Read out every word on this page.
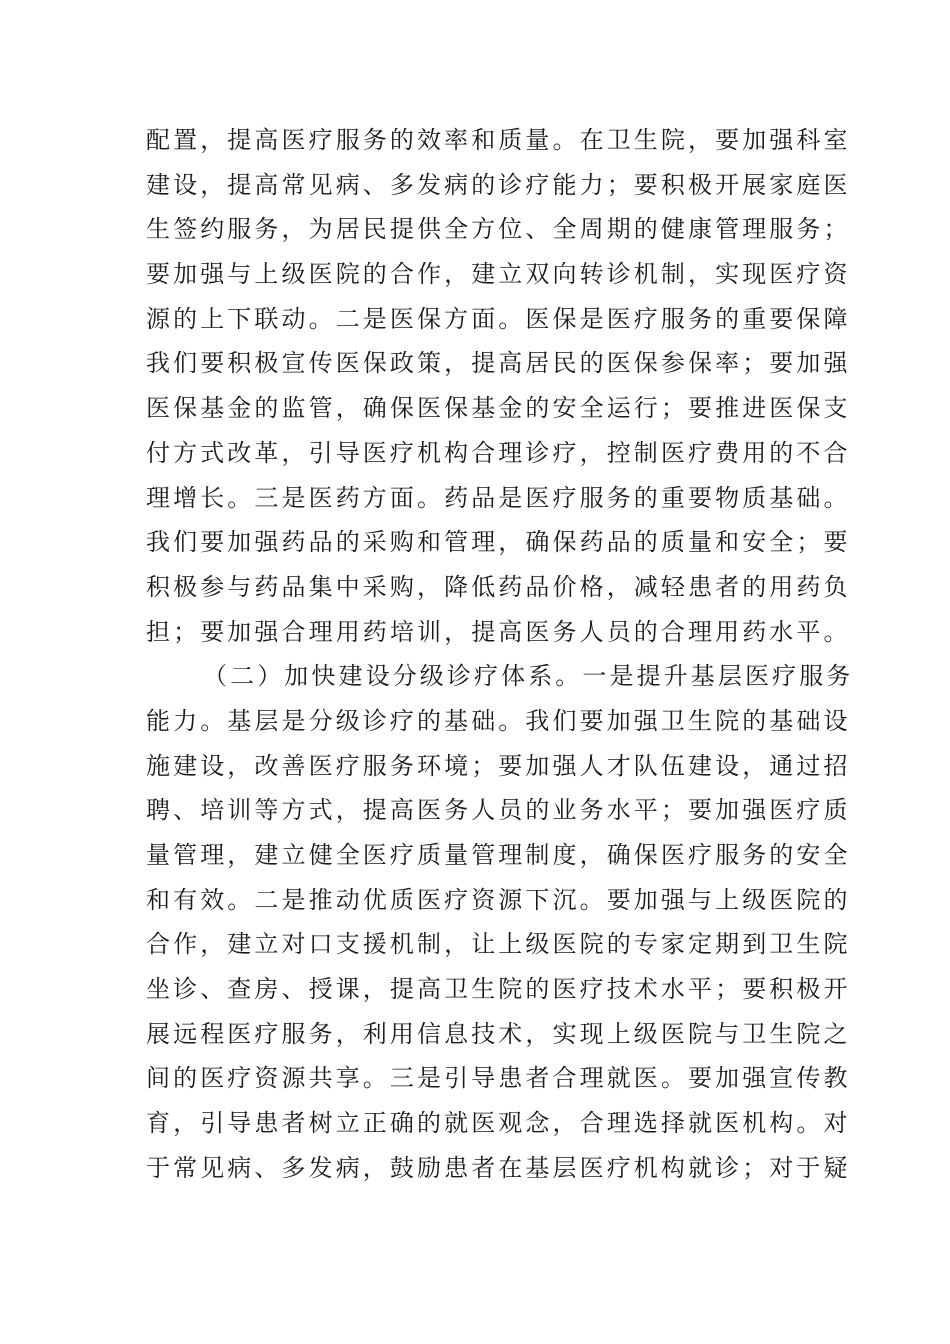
配置，提高医疗服务的效率和质量。在卫生院，要加强科室
建设，提高常见病、多发病的诊疗能力；要积极开展家庭医
生签约服务，为居民提供全方位、全周期的健康管理服务；
要加强与上级医院的合作，建立双向转诊机制，实现医疗资
源的上下联动。二是医保方面。医保是医疗服务的重要保障
我们要积极宣传医保政策，提高居民的医保参保率；要加强
医保基金的监管，确保医保基金的安全运行；要推进医保支
付方式改革，引导医疗机构合理诊疗，控制医疗费用的不合
理增长。三是医药方面。药品是医疗服务的重要物质基础。
我们要加强药品的采购和管理，确保药品的质量和安全；要
积极参与药品集中采购，降低药品价格，减轻患者的用药负
担；要加强合理用药培训，提高医务人员的合理用药水平。
（二）加快建设分级诊疗体系。一是提升基层医疗服务
能力。基层是分级诊疗的基础。我们要加强卫生院的基础设
施建设，改善医疗服务环境；要加强人才队伍建设，通过招
聘、培训等方式，提高医务人员的业务水平；要加强医疗质
量管理，建立健全医疗质量管理制度，确保医疗服务的安全
和有效。二是推动优质医疗资源下沉。要加强与上级医院的
合作，建立对口支援机制，让上级医院的专家定期到卫生院
坐诊、查房、授课，提高卫生院的医疗技术水平；要积极开
展远程医疗服务，利用信息技术，实现上级医院与卫生院之
间的医疗资源共享。三是引导患者合理就医。要加强宣传教
育，引导患者树立正确的就医观念，合理选择就医机构。对
于常见病、多发病，鼓励患者在基层医疗机构就诊；对于疑
